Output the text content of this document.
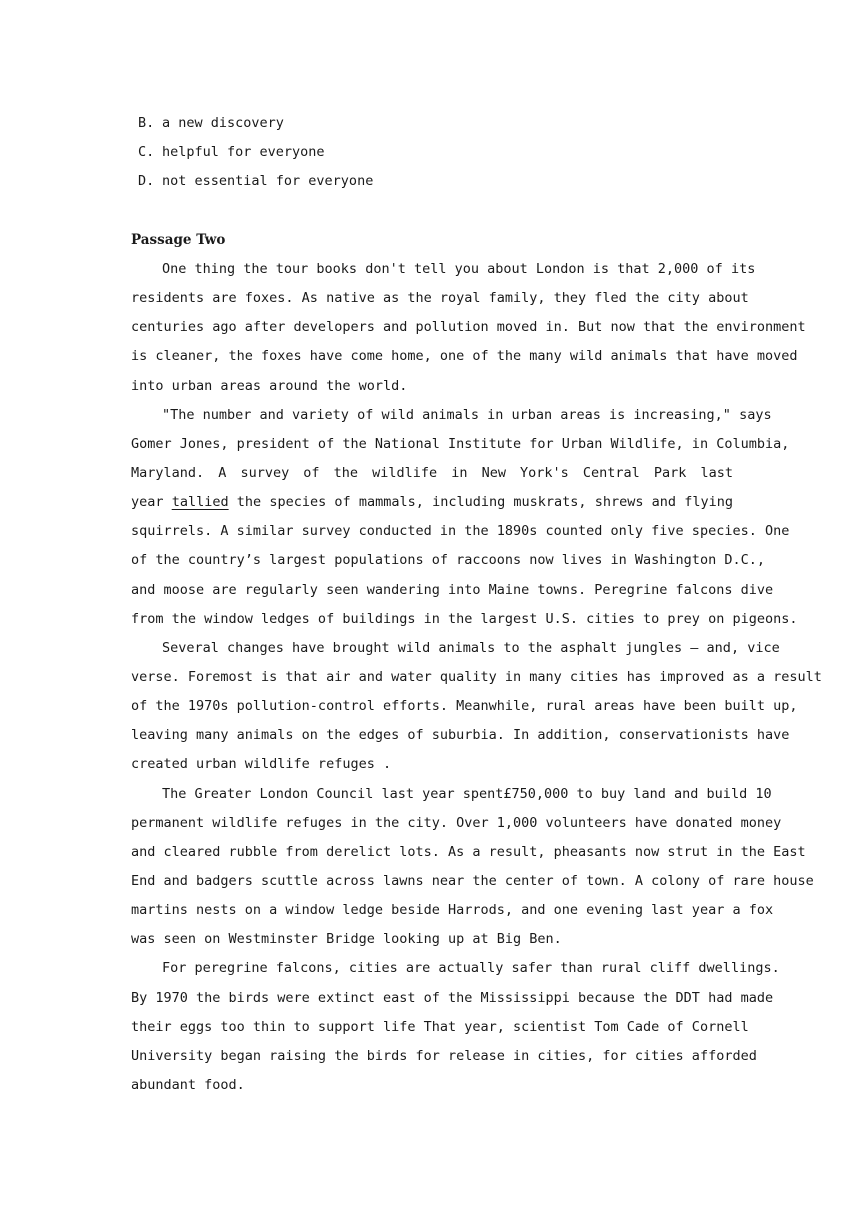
B. a new discovery
C. helpful for everyone
D. not essential for everyone
Passage Two
One thing the tour books don't tell you about London is that 2,000 of its
residents are foxes. As native as the royal family, they fled the city about
centuries ago after developers and pollution moved in. But now that the environment
is cleaner, the foxes have come home, one of the many wild animals that have moved
into urban areas around the world.
"The number and variety of wild animals in urban areas is increasing," says
Gomer Jones, president of the National Institute for Urban Wildlife, in Columbia,
Maryland. A survey of the wildlife in New York's Central Park last
year tallied the species of mammals, including muskrats, shrews and flying
squirrels. A similar survey conducted in the 1890s counted only five species. One
of the country’s largest populations of raccoons now lives in Washington D.C.,
and moose are regularly seen wandering into Maine towns. Peregrine falcons dive
from the window ledges of buildings in the largest U.S. cities to prey on pigeons.
Several changes have brought wild animals to the asphalt jungles – and, vice
verse. Foremost is that air and water quality in many cities has improved as a result
of the 1970s pollution-control efforts. Meanwhile, rural areas have been built up,
leaving many animals on the edges of suburbia. In addition, conservationists have
created urban wildlife refuges .
The Greater London Council last year spent£750,000 to buy land and build 10
permanent wildlife refuges in the city. Over 1,000 volunteers have donated money
and cleared rubble from derelict lots. As a result, pheasants now strut in the East
End and badgers scuttle across lawns near the center of town. A colony of rare house
martins nests on a window ledge beside Harrods, and one evening last year a fox
was seen on Westminster Bridge looking up at Big Ben.
For peregrine falcons, cities are actually safer than rural cliff dwellings.
By 1970 the birds were extinct east of the Mississippi because the DDT had made
their eggs too thin to support life That year, scientist Tom Cade of Cornell
University began raising the birds for release in cities, for cities afforded
abundant food.
